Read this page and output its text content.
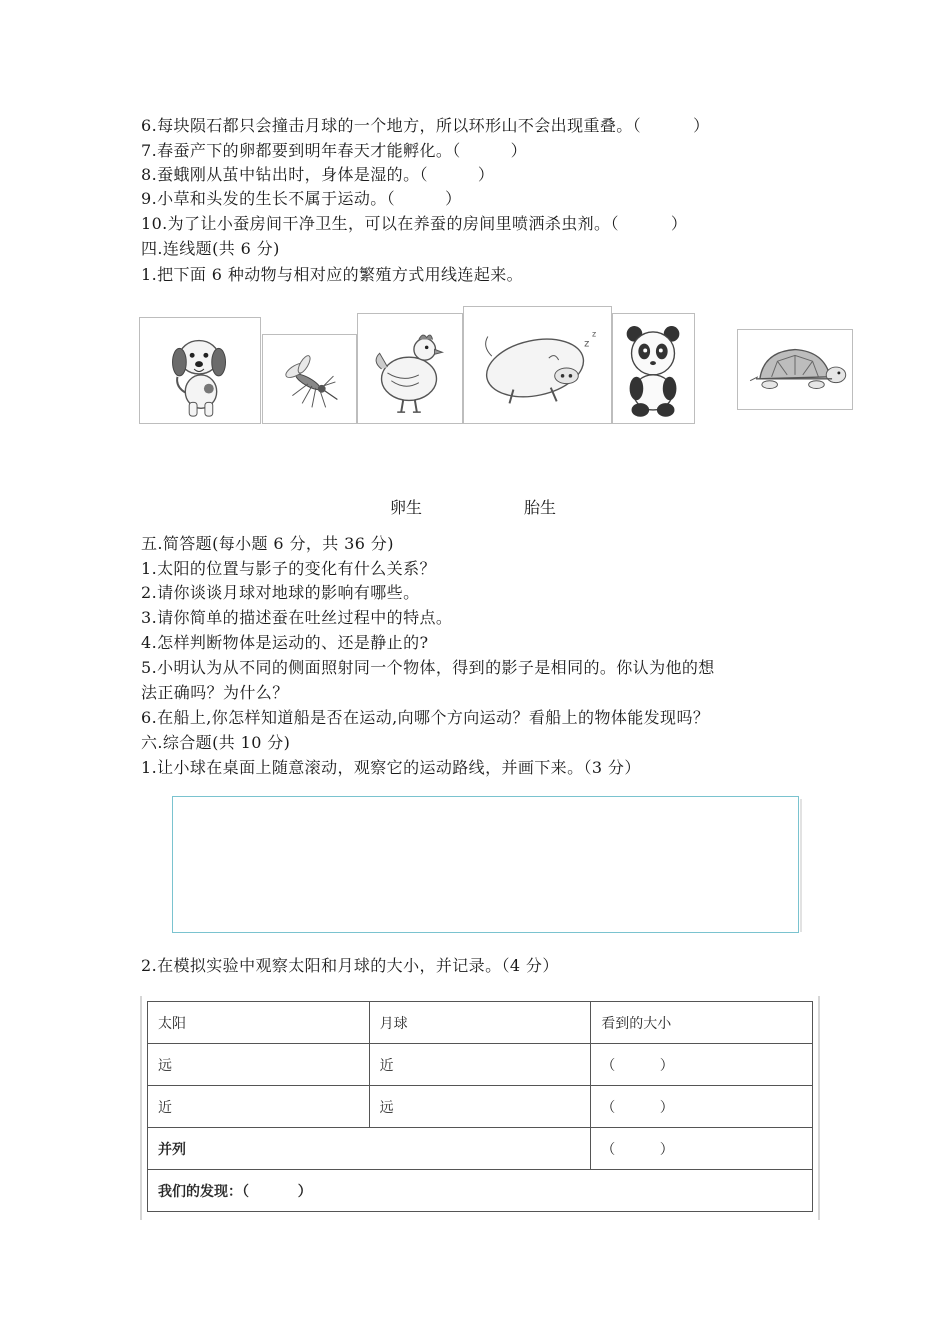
6.每块陨石都只会撞击月球的一个地方，所以环形山不会出现重叠。（	）
7.春蚕产下的卵都要到明年春天才能孵化。（	）
8.蚕蛾刚从茧中钻出时，身体是湿的。（	）
9.小草和头发的生长不属于运动。（	）
10.为了让小蚕房间干净卫生，可以在养蚕的房间里喷洒杀虫剂。（	）
四.连线题(共 6 分)
1.把下面 6 种动物与相对应的繁殖方式用线连起来。
z
z
卵生	胎生
五.简答题(每小题 6 分，共 36 分)
1.太阳的位置与影子的变化有什么关系？
2.请你谈谈月球对地球的影响有哪些。
3.请你简单的描述蚕在吐丝过程中的特点。
4.怎样判断物体是运动的、还是静止的?
5.小明认为从不同的侧面照射同一个物体，得到的影子是相同的。你认为他的想
法正确吗？为什么？
6.在船上,你怎样知道船是否在运动,向哪个方向运动？看船上的物体能发现吗？
六.综合题(共 10 分)
1.让小球在桌面上随意滚动，观察它的运动路线，并画下来。（3 分）
2.在模拟实验中观察太阳和月球的大小，并记录。（4 分）
太阳	月球	看到的大小
远	近	（          ）
近	远	（          ）
并列		（          ）
我们的发现：（          ）		
